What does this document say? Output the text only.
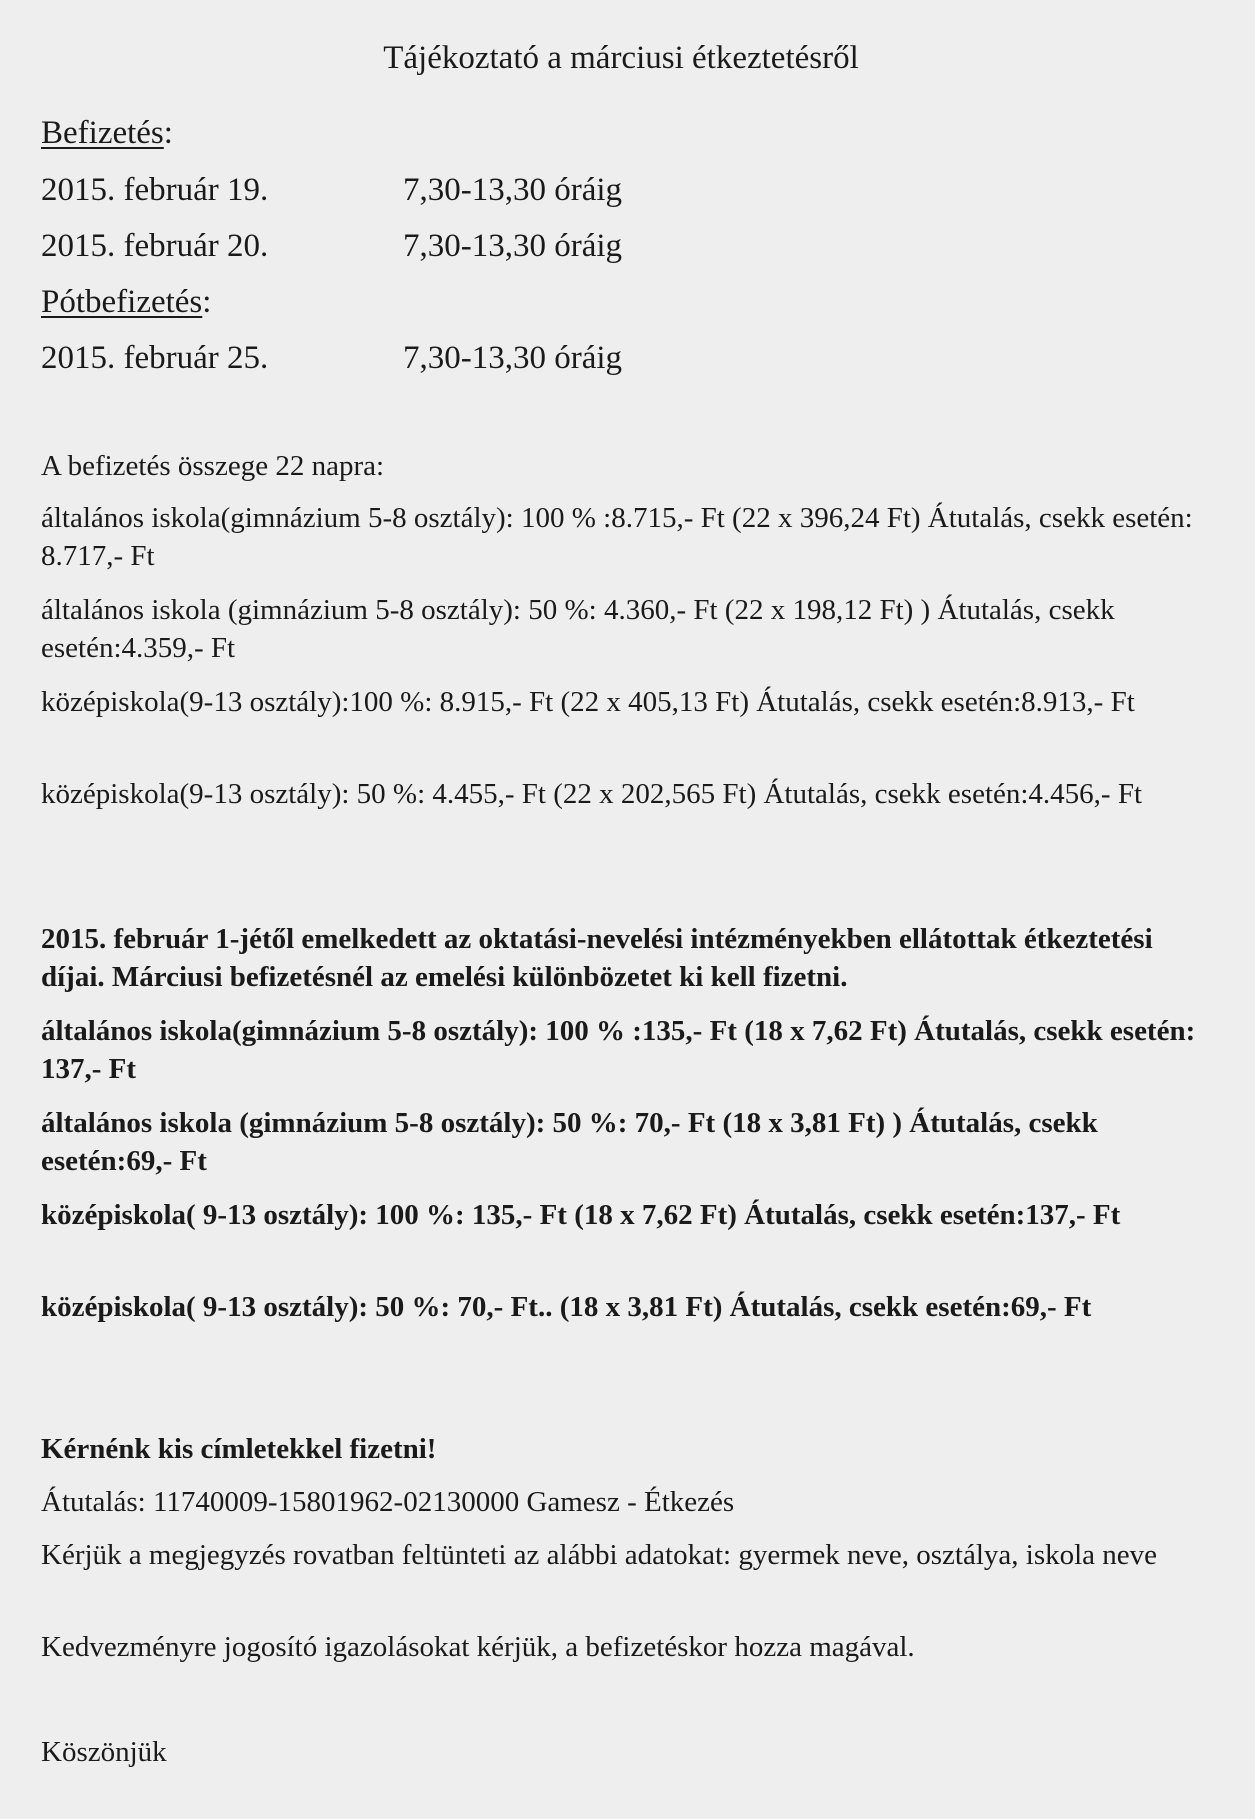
Tájékoztató a márciusi étkeztetésről
Befizetés:
2015. február 19.	7,30-13,30 óráig
2015. február 20.	7,30-13,30 óráig
Pótbefizetés:
2015. február 25.	7,30-13,30 óráig
A befizetés összege 22 napra:
általános iskola(gimnázium 5-8 osztály): 100 % :8.715,- Ft (22 x 396,24 Ft) Átutalás, csekk esetén: 8.717,- Ft
általános iskola (gimnázium 5-8 osztály): 50 %: 4.360,- Ft (22 x 198,12 Ft) ) Átutalás, csekk esetén:4.359,- Ft
középiskola(9-13 osztály):100 %: 8.915,- Ft (22 x 405,13 Ft) Átutalás, csekk esetén:8.913,- Ft
középiskola(9-13 osztály): 50 %: 4.455,- Ft (22 x 202,565 Ft) Átutalás, csekk esetén:4.456,- Ft
2015. február 1-jétől emelkedett az oktatási-nevelési intézményekben ellátottak étkeztetési díjai. Márciusi befizetésnél az emelési különbözetet ki kell fizetni.
általános iskola(gimnázium 5-8 osztály): 100 % :135,- Ft (18 x 7,62 Ft) Átutalás, csekk esetén: 137,- Ft
általános iskola (gimnázium 5-8 osztály): 50 %: 70,- Ft (18 x 3,81 Ft) ) Átutalás, csekk esetén:69,- Ft
középiskola( 9-13 osztály): 100 %: 135,- Ft (18 x 7,62 Ft) Átutalás, csekk esetén:137,- Ft
középiskola( 9-13 osztály): 50 %: 70,- Ft.. (18 x 3,81 Ft) Átutalás, csekk esetén:69,- Ft
Kérnénk kis címletekkel fizetni!
Átutalás: 11740009-15801962-02130000 Gamesz - Étkezés
Kérjük a megjegyzés rovatban feltünteti az alábbi adatokat: gyermek neve, osztálya, iskola neve
Kedvezményre jogosító igazolásokat kérjük, a befizetéskor hozza magával.
Köszönjük
